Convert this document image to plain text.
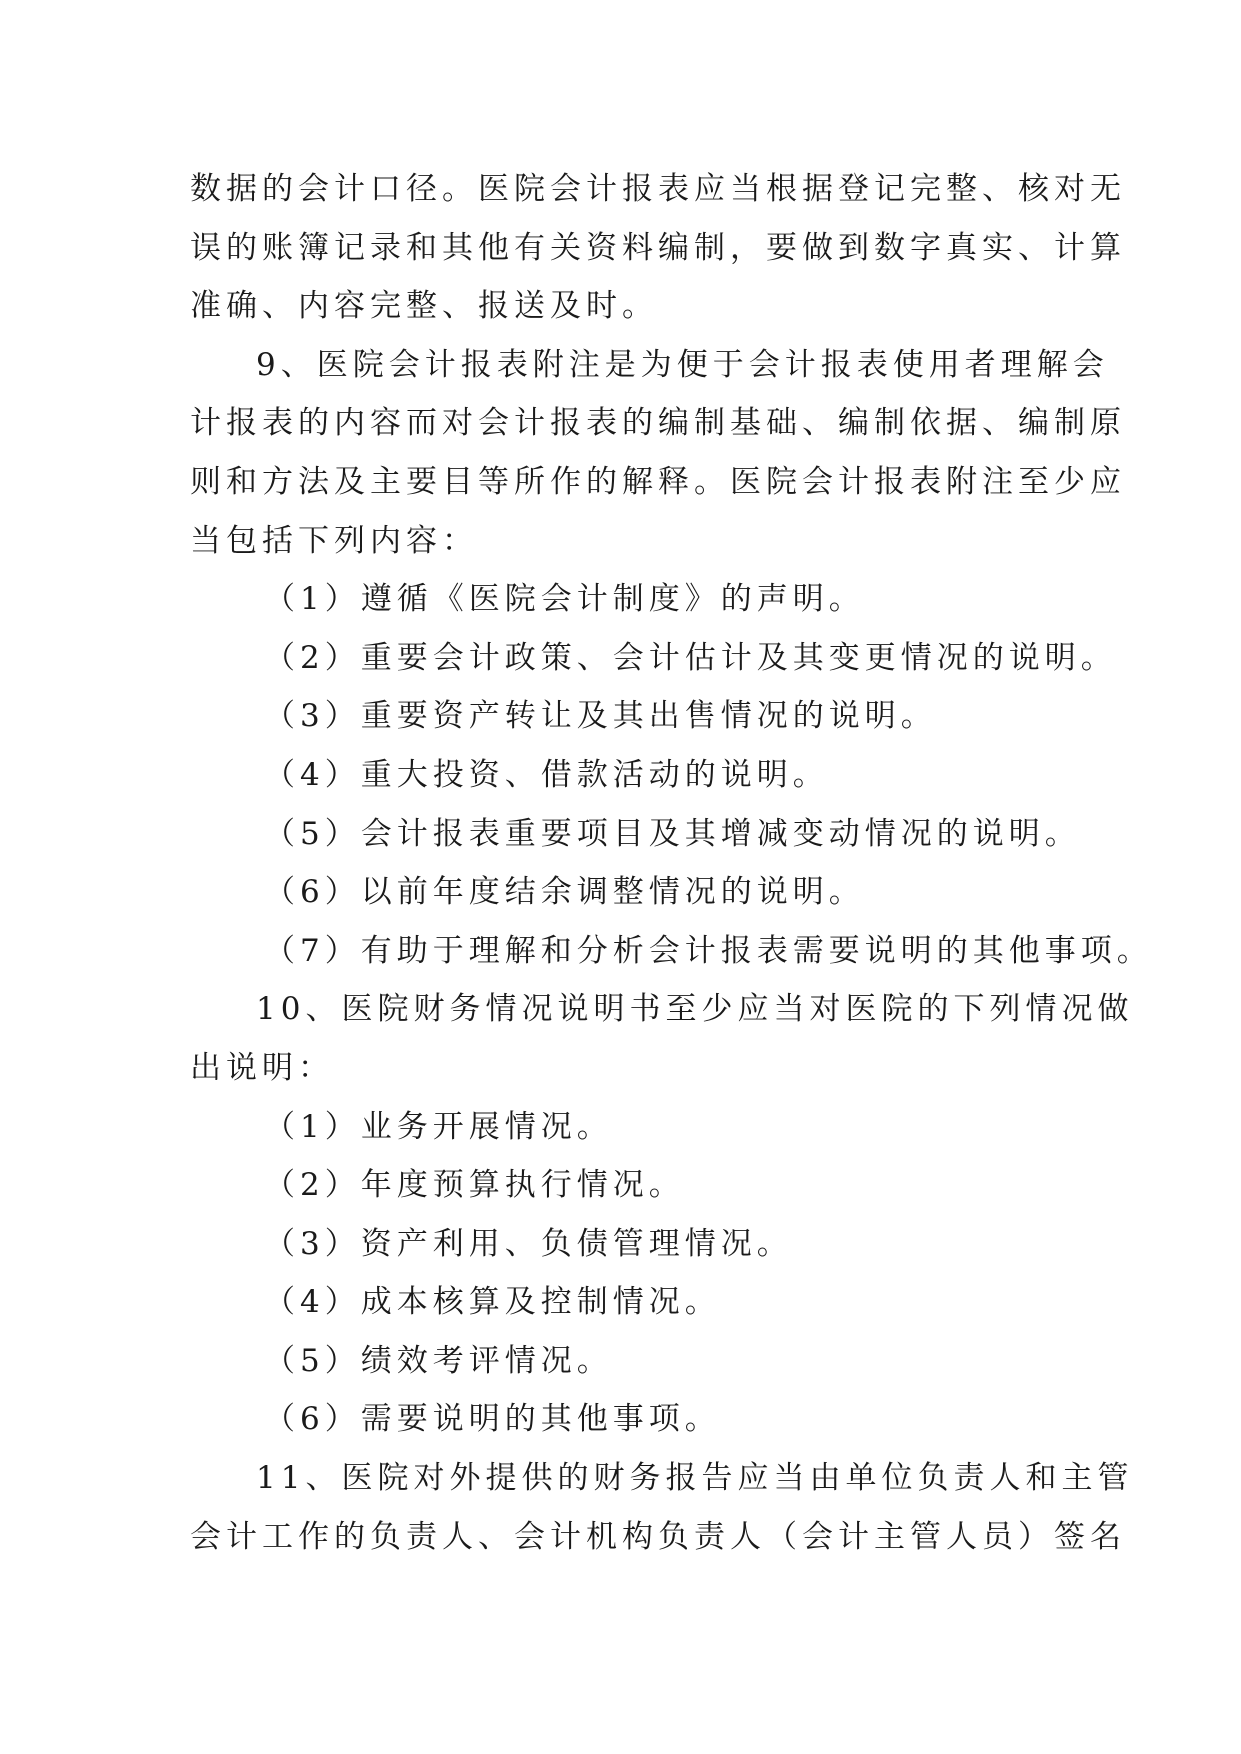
数据的会计口径。医院会计报表应当根据登记完整、核对无
误的账簿记录和其他有关资料编制，要做到数字真实、计算
准确、内容完整、报送及时。
9、医院会计报表附注是为便于会计报表使用者理解会
计报表的内容而对会计报表的编制基础、编制依据、编制原
则和方法及主要目等所作的解释。医院会计报表附注至少应
当包括下列内容：
（1）遵循《医院会计制度》的声明。
（2）重要会计政策、会计估计及其变更情况的说明。
（3）重要资产转让及其出售情况的说明。
（4）重大投资、借款活动的说明。
（5）会计报表重要项目及其增减变动情况的说明。
（6）以前年度结余调整情况的说明。
（7）有助于理解和分析会计报表需要说明的其他事项。
10、医院财务情况说明书至少应当对医院的下列情况做
出说明：
（1）业务开展情况。
（2）年度预算执行情况。
（3）资产利用、负债管理情况。
（4）成本核算及控制情况。
（5）绩效考评情况。
（6）需要说明的其他事项。
11、医院对外提供的财务报告应当由单位负责人和主管
会计工作的负责人、会计机构负责人（会计主管人员）签名
